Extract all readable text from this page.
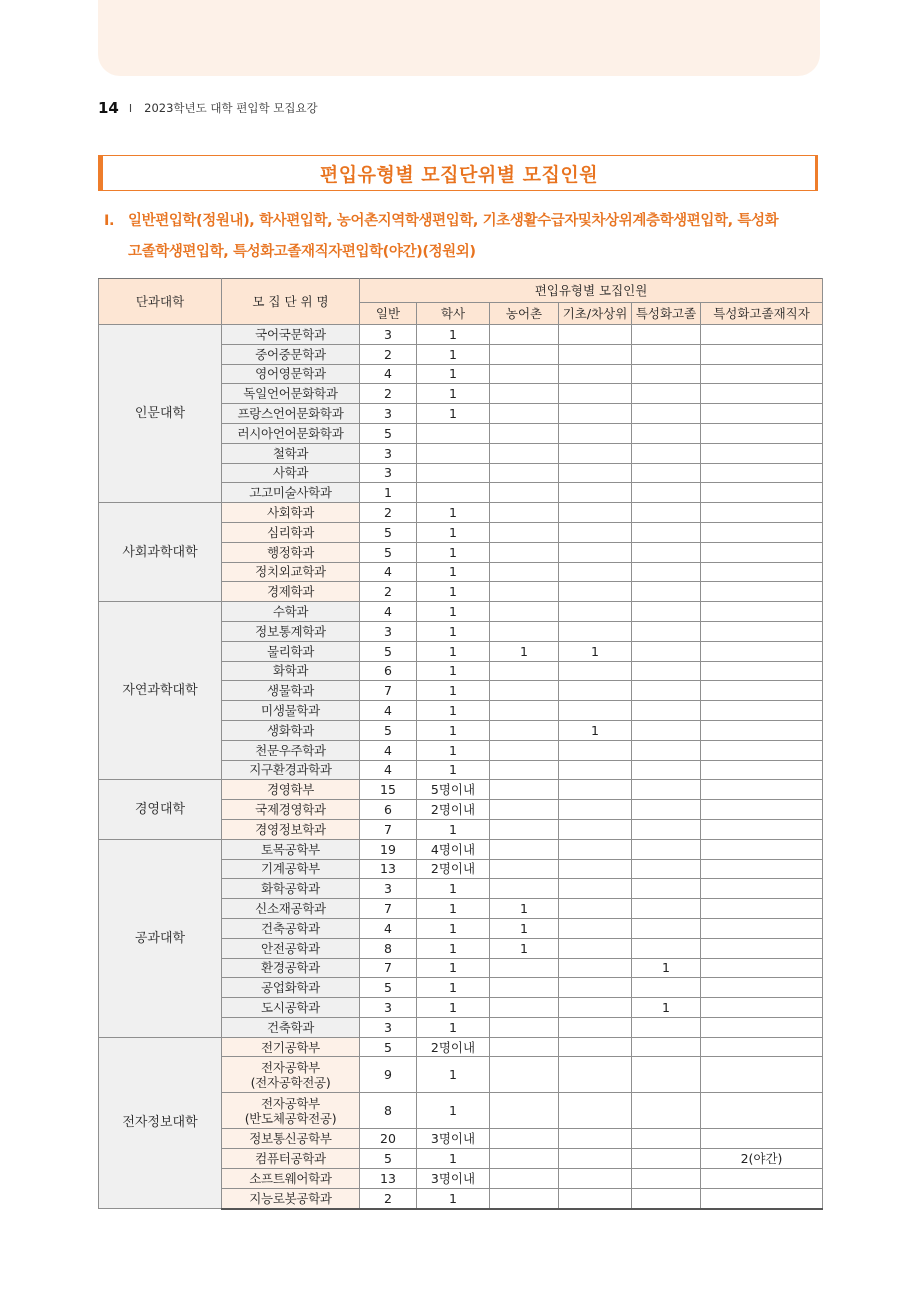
14 I 2023학년도 대학 편입학 모집요강
편입유형별 모집단위별 모집인원
Ⅰ. 일반편입학(정원내), 학사편입학, 농어촌지역학생편입학, 기초생활수급자및차상위계층학생편입학, 특성화
고졸학생편입학, 특성화고졸재직자편입학(야간)(정원외)
단과대학	모 집 단 위 명	편입유형별 모집인원					
		일반	학사	농어촌	기초/차상위	특성화고졸	특성화고졸재직자
인문대학	국어국문학과	3	1				

	중어중문학과	2	1				

	영어영문학과	4	1				

	독일언어문화학과	2	1				

	프랑스언어문화학과	3	1				

	러시아언어문화학과	5					

	철학과	3					

	사학과	3					

	고고미술사학과	1					
사회과학대학	사회학과	2	1				

	심리학과	5	1				

	행정학과	5	1				

	정치외교학과	4	1				

	경제학과	2	1				
자연과학대학	수학과	4	1				

	정보통계학과	3	1				

	물리학과	5	1	1	1		

	화학과	6	1				

	생물학과	7	1				

	미생물학과	4	1				

	생화학과	5	1		1		

	천문우주학과	4	1				

	지구환경과학과	4	1				
경영대학	경영학부	15	5명이내				

	국제경영학과	6	2명이내				

	경영정보학과	7	1				
공과대학	토목공학부	19	4명이내				

	기계공학부	13	2명이내				

	화학공학과	3	1				

	신소재공학과	7	1	1			

	건축공학과	4	1	1			

	안전공학과	8	1	1			

	환경공학과	7	1			1	

	공업화학과	5	1				

	도시공학과	3	1			1	

	건축학과	3	1				
전자정보대학	전기공학부	5	2명이내				

	전자공학부
(전자공학전공)	9	1				

	전자공학부
(반도체공학전공)	8	1				

	정보통신공학부	20	3명이내				

	컴퓨터공학과	5	1				2(야간)

	소프트웨어학과	13	3명이내				

	지능로봇공학과	2	1				
